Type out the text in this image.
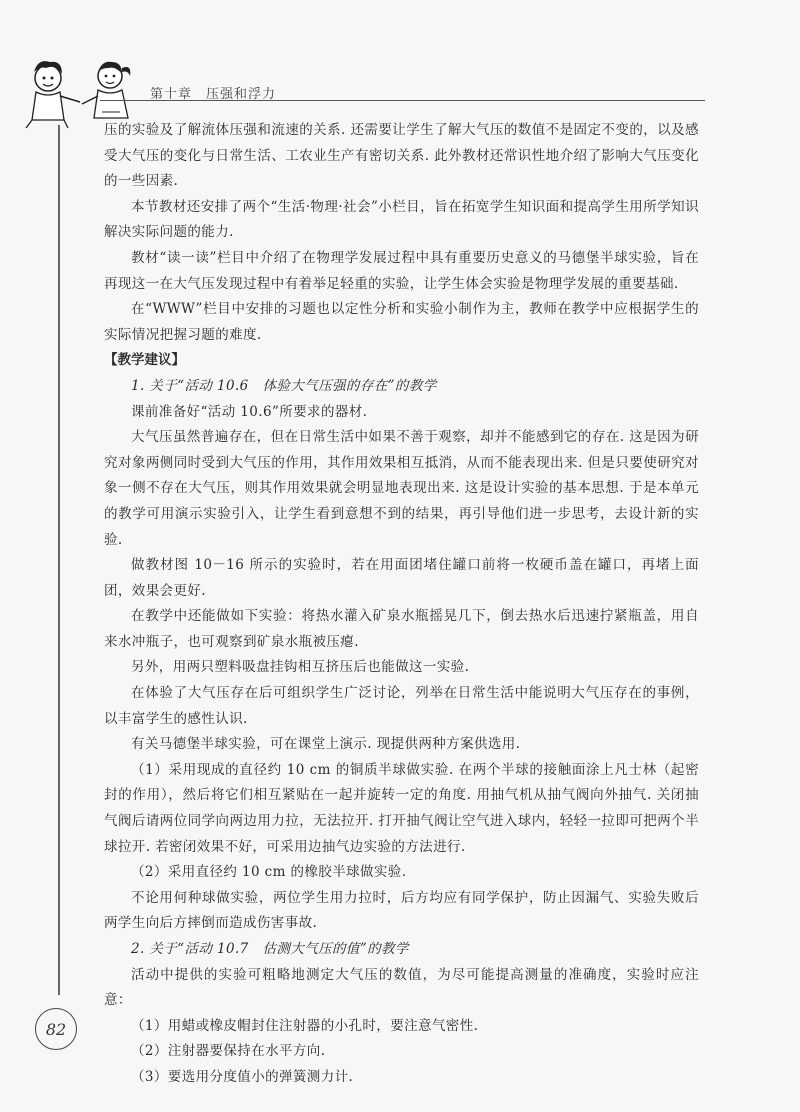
第十章　压强和浮力

压的实验及了解流体压强和流速的关系. 还需要让学生了解大气压的数值不是固定不变的，以及感受大气压的变化与日常生活、工农业生产有密切关系. 此外教材还常识性地介绍了影响大气压变化的一些因素.

本节教材还安排了两个“生活·物理·社会”小栏目，旨在拓宽学生知识面和提高学生用所学知识解决实际问题的能力.

教材“读一读”栏目中介绍了在物理学发展过程中具有重要历史意义的马德堡半球实验，旨在再现这一在大气压发现过程中有着举足轻重的实验，让学生体会实验是物理学发展的重要基础.

在“WWW”栏目中安排的习题也以定性分析和实验小制作为主，教师在教学中应根据学生的实际情况把握习题的难度.

【教学建议】

1. 关于“活动 10.6　体验大气压强的存在”的教学

课前准备好“活动 10.6”所要求的器材.

大气压虽然普遍存在，但在日常生活中如果不善于观察，却并不能感到它的存在. 这是因为研究对象两侧同时受到大气压的作用，其作用效果相互抵消，从而不能表现出来. 但是只要使研究对象一侧不存在大气压，则其作用效果就会明显地表现出来. 这是设计实验的基本思想. 于是本单元的教学可用演示实验引入，让学生看到意想不到的结果，再引导他们进一步思考，去设计新的实验.

做教材图 10－16 所示的实验时，若在用面团堵住罐口前将一枚硬币盖在罐口，再堵上面团，效果会更好.

在教学中还能做如下实验：将热水灌入矿泉水瓶摇晃几下，倒去热水后迅速拧紧瓶盖，用自来水冲瓶子，也可观察到矿泉水瓶被压瘪.

另外，用两只塑料吸盘挂钩相互挤压后也能做这一实验.

在体验了大气压存在后可组织学生广泛讨论，列举在日常生活中能说明大气压存在的事例，以丰富学生的感性认识.

有关马德堡半球实验，可在课堂上演示. 现提供两种方案供选用.

（1）采用现成的直径约 10 cm 的铜质半球做实验. 在两个半球的接触面涂上凡士林（起密封的作用），然后将它们相互紧贴在一起并旋转一定的角度. 用抽气机从抽气阀向外抽气. 关闭抽气阀后请两位同学向两边用力拉，无法拉开. 打开抽气阀让空气进入球内，轻轻一拉即可把两个半球拉开. 若密闭效果不好，可采用边抽气边实验的方法进行.

（2）采用直径约 10 cm 的橡胶半球做实验.

不论用何种球做实验，两位学生用力拉时，后方均应有同学保护，防止因漏气、实验失败后两学生向后方摔倒而造成伤害事故.

2. 关于“活动 10.7　估测大气压的值”的教学

活动中提供的实验可粗略地测定大气压的数值，为尽可能提高测量的准确度，实验时应注意：

（1）用蜡或橡皮帽封住注射器的小孔时，要注意气密性.

（2）注射器要保持在水平方向.

（3）要选用分度值小的弹簧测力计.

82
